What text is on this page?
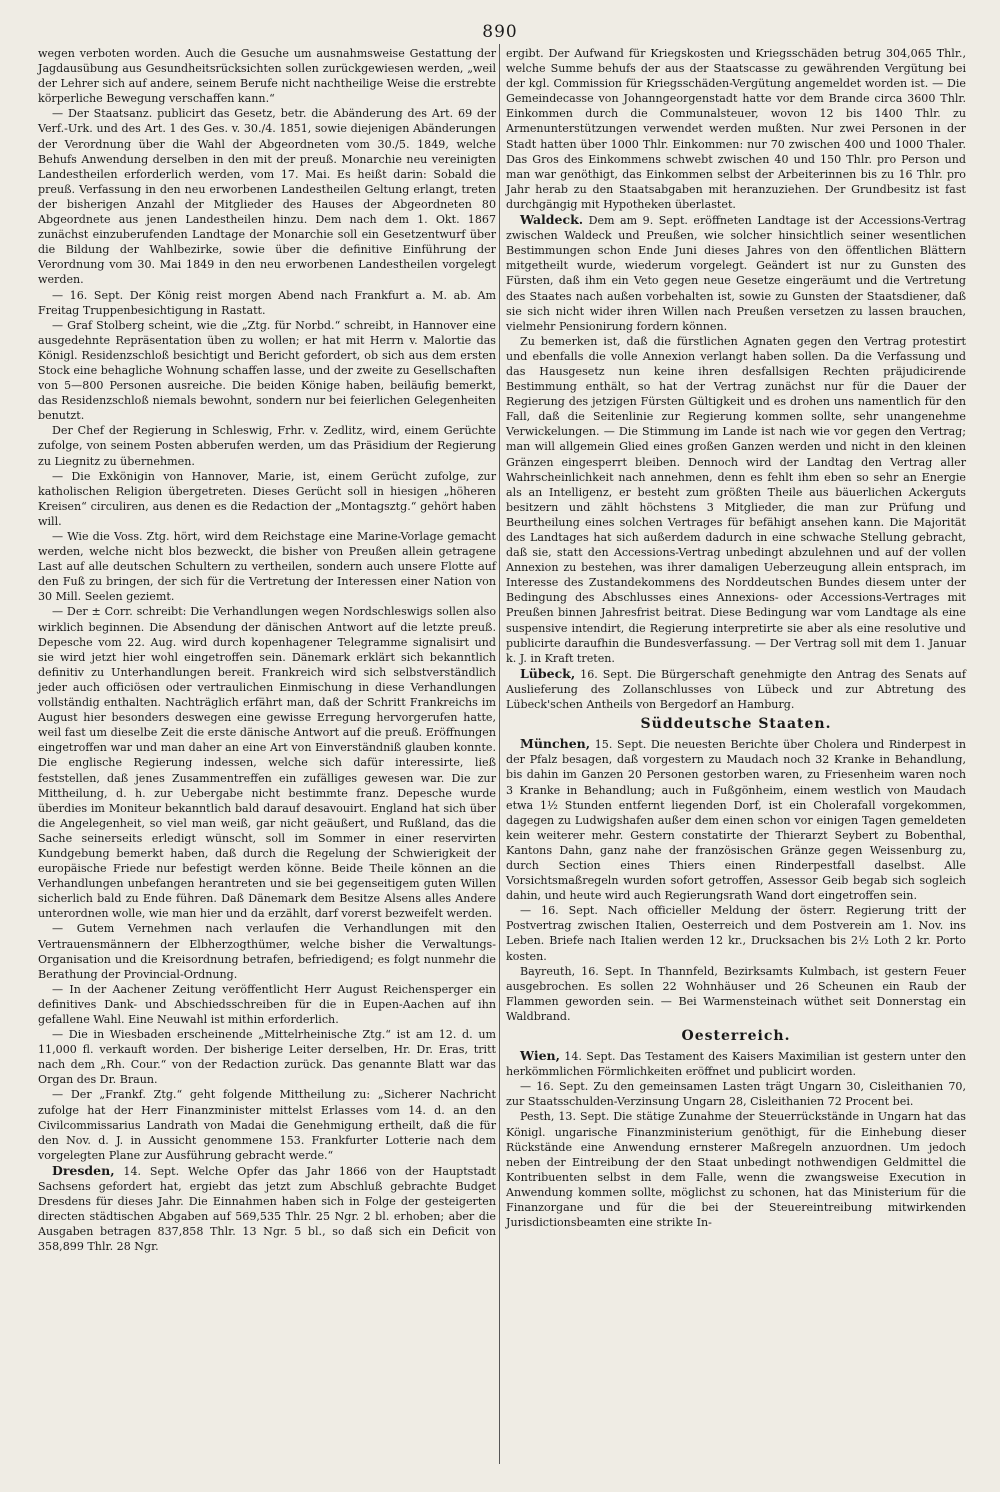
890

wegen verboten worden. Auch die Gesuche um ausnahmsweise Gestattung der Jagdausübung aus Gesundheitsrücksichten sollen zurückgewiesen werden, „weil der Lehrer sich auf andere, seinem Berufe nicht nachtheilige Weise die erstrebte körperliche Bewegung verschaffen kann.“

— Der Staatsanz. publicirt das Gesetz, betr. die Abänderung des Art. 69 der Verf.-Urk. und des Art. 1 des Ges. v. 30./4. 1851, sowie diejenigen Abänderungen der Verordnung über die Wahl der Abgeordneten vom 30./5. 1849, welche Behufs Anwendung derselben in den mit der preuß. Monarchie neu vereinigten Landestheilen erforderlich werden, vom 17. Mai. Es heißt darin: Sobald die preuß. Verfassung in den neu erworbenen Landestheilen Geltung erlangt, treten der bisherigen Anzahl der Mitglieder des Hauses der Abgeordneten 80 Abgeordnete aus jenen Landestheilen hinzu. Dem nach dem 1. Okt. 1867 zunächst einzuberufenden Landtage der Monarchie soll ein Gesetzentwurf über die Bildung der Wahlbezirke, sowie über die definitive Einführung der Verordnung vom 30. Mai 1849 in den neu erworbenen Landestheilen vorgelegt werden.

— 16. Sept. Der König reist morgen Abend nach Frankfurt a. M. ab. Am Freitag Truppenbesichtigung in Rastatt.

— Graf Stolberg scheint, wie die „Ztg. für Norbd.“ schreibt, in Hannover eine ausgedehnte Repräsentation üben zu wollen; er hat mit Herrn v. Malortie das Königl. Residenzschloß besichtigt und Bericht gefordert, ob sich aus dem ersten Stock eine behagliche Wohnung schaffen lasse, und der zweite zu Gesellschaften von 5—800 Personen ausreiche. Die beiden Könige haben, beiläufig bemerkt, das Residenzschloß niemals bewohnt, sondern nur bei feierlichen Gelegenheiten benutzt.

Der Chef der Regierung in Schleswig, Frhr. v. Zedlitz, wird, einem Gerüchte zufolge, von seinem Posten abberufen werden, um das Präsidium der Regierung zu Liegnitz zu übernehmen.

— Die Exkönigin von Hannover, Marie, ist, einem Gerücht zufolge, zur katholischen Religion übergetreten. Dieses Gerücht soll in hiesigen „höheren Kreisen“ circuliren, aus denen es die Redaction der „Montagsztg.“ gehört haben will.

— Wie die Voss. Ztg. hört, wird dem Reichstage eine Marine-Vorlage gemacht werden, welche nicht blos bezweckt, die bisher von Preußen allein getragene Last auf alle deutschen Schultern zu vertheilen, sondern auch unsere Flotte auf den Fuß zu bringen, der sich für die Vertretung der Interessen einer Nation von 30 Mill. Seelen geziemt.

— Der ± Corr. schreibt: Die Verhandlungen wegen Nordschleswigs sollen also wirklich beginnen. Die Absendung der dänischen Antwort auf die letzte preuß. Depesche vom 22. Aug. wird durch kopenhagener Telegramme signalisirt und sie wird jetzt hier wohl eingetroffen sein. Dänemark erklärt sich bekanntlich definitiv zu Unterhandlungen bereit. Frankreich wird sich selbstverständlich jeder auch officiösen oder vertraulichen Einmischung in diese Verhandlungen vollständig enthalten. Nachträglich erfährt man, daß der Schritt Frankreichs im August hier besonders deswegen eine gewisse Erregung hervorgerufen hatte, weil fast um dieselbe Zeit die erste dänische Antwort auf die preuß. Eröffnungen eingetroffen war und man daher an eine Art von Einverständniß glauben konnte. Die englische Regierung indessen, welche sich dafür interessirte, ließ feststellen, daß jenes Zusammentreffen ein zufälliges gewesen war. Die zur Mittheilung, d. h. zur Uebergabe nicht bestimmte franz. Depesche wurde überdies im Moniteur bekanntlich bald darauf desavouirt. England hat sich über die Angelegenheit, so viel man weiß, gar nicht geäußert, und Rußland, das die Sache seinerseits erledigt wünscht, soll im Sommer in einer reservirten Kundgebung bemerkt haben, daß durch die Regelung der Schwierigkeit der europäische Friede nur befestigt werden könne. Beide Theile können an die Verhandlungen unbefangen herantreten und sie bei gegenseitigem guten Willen sicherlich bald zu Ende führen. Daß Dänemark dem Besitze Alsens alles Andere unterordnen wolle, wie man hier und da erzählt, darf vorerst bezweifelt werden.

— Gutem Vernehmen nach verlaufen die Verhandlungen mit den Vertrauensmännern der Elbherzogthümer, welche bisher die Verwaltungs-Organisation und die Kreisordnung betrafen, befriedigend; es folgt nunmehr die Berathung der Provincial-Ordnung.

— In der Aachener Zeitung veröffentlicht Herr August Reichensperger ein definitives Dank- und Abschiedsschreiben für die in Eupen-Aachen auf ihn gefallene Wahl. Eine Neuwahl ist mithin erforderlich.

— Die in Wiesbaden erscheinende „Mittelrheinische Ztg.“ ist am 12. d. um 11,000 fl. verkauft worden. Der bisherige Leiter derselben, Hr. Dr. Eras, tritt nach dem „Rh. Cour.“ von der Redaction zurück. Das genannte Blatt war das Organ des Dr. Braun.

— Der „Frankf. Ztg.“ geht folgende Mittheilung zu: „Sicherer Nachricht zufolge hat der Herr Finanzminister mittelst Erlasses vom 14. d. an den Civilcommissarius Landrath von Madai die Genehmigung ertheilt, daß die für den Nov. d. J. in Aussicht genommene 153. Frankfurter Lotterie nach dem vorgelegten Plane zur Ausführung gebracht werde.“

Dresden, 14. Sept. Welche Opfer das Jahr 1866 von der Hauptstadt Sachsens gefordert hat, ergiebt das jetzt zum Abschluß gebrachte Budget Dresdens für dieses Jahr. Die Einnahmen haben sich in Folge der gesteigerten directen städtischen Abgaben auf 569,535 Thlr. 25 Ngr. 2 bl. erhoben; aber die Ausgaben betragen 837,858 Thlr. 13 Ngr. 5 bl., so daß sich ein Deficit von 358,899 Thlr. 28 Ngr.

ergibt. Der Aufwand für Kriegskosten und Kriegsschäden betrug 304,065 Thlr., welche Summe behufs der aus der Staatscasse zu gewährenden Vergütung bei der kgl. Commission für Kriegsschäden-Vergütung angemeldet worden ist. — Die Gemeindecasse von Johanngeorgenstadt hatte vor dem Brande circa 3600 Thlr. Einkommen durch die Communalsteuer, wovon 12 bis 1400 Thlr. zu Armenunterstützungen verwendet werden mußten. Nur zwei Personen in der Stadt hatten über 1000 Thlr. Einkommen: nur 70 zwischen 400 und 1000 Thaler. Das Gros des Einkommens schwebt zwischen 40 und 150 Thlr. pro Person und man war genöthigt, das Einkommen selbst der Arbeiterinnen bis zu 16 Thlr. pro Jahr herab zu den Staatsabgaben mit heranzuziehen. Der Grundbesitz ist fast durchgängig mit Hypotheken überlastet.

Waldeck. Dem am 9. Sept. eröffneten Landtage ist der Accessions-Vertrag zwischen Waldeck und Preußen, wie solcher hinsichtlich seiner wesentlichen Bestimmungen schon Ende Juni dieses Jahres von den öffentlichen Blättern mitgetheilt wurde, wiederum vorgelegt. Geändert ist nur zu Gunsten des Fürsten, daß ihm ein Veto gegen neue Gesetze eingeräumt und die Vertretung des Staates nach außen vorbehalten ist, sowie zu Gunsten der Staatsdiener, daß sie sich nicht wider ihren Willen nach Preußen versetzen zu lassen brauchen, vielmehr Pensionirung fordern können.

Zu bemerken ist, daß die fürstlichen Agnaten gegen den Vertrag protestirt und ebenfalls die volle Annexion verlangt haben sollen. Da die Verfassung und das Hausgesetz nun keine ihren desfallsigen Rechten präjudicirende Bestimmung enthält, so hat der Vertrag zunächst nur für die Dauer der Regierung des jetzigen Fürsten Gültigkeit und es drohen uns namentlich für den Fall, daß die Seitenlinie zur Regierung kommen sollte, sehr unangenehme Verwickelungen. — Die Stimmung im Lande ist nach wie vor gegen den Vertrag; man will allgemein Glied eines großen Ganzen werden und nicht in den kleinen Gränzen eingesperrt bleiben. Dennoch wird der Landtag den Vertrag aller Wahrscheinlichkeit nach annehmen, denn es fehlt ihm eben so sehr an Energie als an Intelligenz, er besteht zum größten Theile aus bäuerlichen Ackerguts besitzern und zählt höchstens 3 Mitglieder, die man zur Prüfung und Beurtheilung eines solchen Vertrages für befähigt ansehen kann. Die Majorität des Landtages hat sich außerdem dadurch in eine schwache Stellung gebracht, daß sie, statt den Accessions-Vertrag unbedingt abzulehnen und auf der vollen Annexion zu bestehen, was ihrer damaligen Ueberzeugung allein entsprach, im Interesse des Zustandekommens des Norddeutschen Bundes diesem unter der Bedingung des Abschlusses eines Annexions- oder Accessions-Vertrages mit Preußen binnen Jahresfrist beitrat. Diese Bedingung war vom Landtage als eine suspensive intendirt, die Regierung interpretirte sie aber als eine resolutive und publicirte daraufhin die Bundesverfassung. — Der Vertrag soll mit dem 1. Januar k. J. in Kraft treten.

Lübeck, 16. Sept. Die Bürgerschaft genehmigte den Antrag des Senats auf Auslieferung des Zollanschlusses von Lübeck und zur Abtretung des Lübeck'schen Antheils von Bergedorf an Hamburg.

Süddeutsche Staaten.

München, 15. Sept. Die neuesten Berichte über Cholera und Rinderpest in der Pfalz besagen, daß vorgestern zu Maudach noch 32 Kranke in Behandlung, bis dahin im Ganzen 20 Personen gestorben waren, zu Friesenheim waren noch 3 Kranke in Behandlung; auch in Fußgönheim, einem westlich von Maudach etwa 1½ Stunden entfernt liegenden Dorf, ist ein Cholerafall vorgekommen, dagegen zu Ludwigshafen außer dem einen schon vor einigen Tagen gemeldeten kein weiterer mehr. Gestern constatirte der Thierarzt Seybert zu Bobenthal, Kantons Dahn, ganz nahe der französischen Gränze gegen Weissenburg zu, durch Section eines Thiers einen Rinderpestfall daselbst. Alle Vorsichtsmaßregeln wurden sofort getroffen, Assessor Geib begab sich sogleich dahin, und heute wird auch Regierungsrath Wand dort eingetroffen sein.

— 16. Sept. Nach officieller Meldung der österr. Regierung tritt der Postvertrag zwischen Italien, Oesterreich und dem Postverein am 1. Nov. ins Leben. Briefe nach Italien werden 12 kr., Drucksachen bis 2½ Loth 2 kr. Porto kosten.

Bayreuth, 16. Sept. In Thannfeld, Bezirksamts Kulmbach, ist gestern Feuer ausgebrochen. Es sollen 22 Wohnhäuser und 26 Scheunen ein Raub der Flammen geworden sein. — Bei Warmensteinach wüthet seit Donnerstag ein Waldbrand.

Oesterreich.

Wien, 14. Sept. Das Testament des Kaisers Maximilian ist gestern unter den herkömmlichen Förmlichkeiten eröffnet und publicirt worden.

— 16. Sept. Zu den gemeinsamen Lasten trägt Ungarn 30, Cisleithanien 70, zur Staatsschulden-Verzinsung Ungarn 28, Cisleithanien 72 Procent bei.

Pesth, 13. Sept. Die stätige Zunahme der Steuerrückstände in Ungarn hat das Königl. ungarische Finanzministerium genöthigt, für die Einhebung dieser Rückstände eine Anwendung ernsterer Maßregeln anzuordnen. Um jedoch neben der Eintreibung der den Staat unbedingt nothwendigen Geldmittel die Kontribuenten selbst in dem Falle, wenn die zwangsweise Execution in Anwendung kommen sollte, möglichst zu schonen, hat das Ministerium für die Finanzorgane und für die bei der Steuereintreibung mitwirkenden Jurisdictionsbeamten eine strikte In-
